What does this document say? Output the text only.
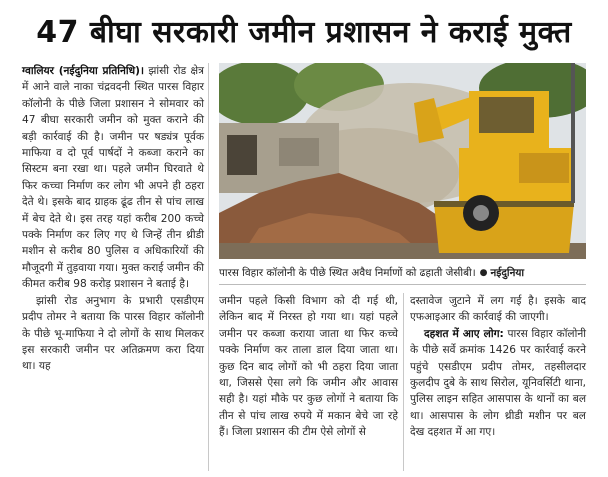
47 बीघा सरकारी जमीन प्रशासन ने कराई मुक्त

ग्वालियर (नईदुनिया प्रतिनिधि)। झांसी रोड क्षेत्र में आने वाले नाका चंद्रवदनी स्थित पारस विहार कॉलोनी के पीछे जिला प्रशासन ने सोमवार को 47 बीघा सरकारी जमीन को मुक्त कराने की बड़ी कार्रवाई की है। जमीन पर षड्यंत्र पूर्वक माफिया व दो पूर्व पार्षदों ने कब्जा कराने का सिस्टम बना रखा था। पहले जमीन घिरवाते थे फिर कच्चा निर्माण कर लोग भी अपने ही ठहरा देते थे। इसके बाद ग्राहक ढूंढ तीन से पांच लाख में बेच देते थे। इस तरह यहां करीब 200 कच्चे पक्के निर्माण कर लिए गए थे जिन्हें तीन थ्रीडी मशीन से करीब 80 पुलिस व अधिकारियों की मौजूदगी में तुड़वाया गया। मुक्त कराई जमीन की कीमत करीब 98 करोड़ प्रशासन ने बताई है।

झांसी रोड अनुभाग के प्रभारी एसडीएम प्रदीप तोमर ने बताया कि पारस विहार कॉलोनी के पीछे भू-माफिया ने दो लोगों के साथ मिलकर इस सरकारी जमीन पर अतिक्रमण करा दिया था। यह

पारस विहार कॉलोनी के पीछे स्थित अवैध निर्माणों को ढहाती जेसीबी। ● नईदुनिया

जमीन पहले किसी विभाग को दी गई थी, लेकिन बाद में निरस्त हो गया था। यहां पहले जमीन पर कब्जा कराया जाता था फिर कच्चे पक्के निर्माण कर ताला डाल दिया जाता था। कुछ दिन बाद लोगों को भी ठहरा दिया जाता था, जिससे ऐसा लगे कि जमीन और आवास सही है। यहां मौके पर कुछ लोगों ने बताया कि तीन से पांच लाख रुपये में मकान बेचे जा रहे हैं। जिला प्रशासन की टीम ऐसे लोगों से

दस्तावेज जुटाने में लग गई है। इसके बाद एफआइआर की कार्रवाई की जाएगी।

दहशत में आए लोग: पारस विहार कॉलोनी के पीछे सर्वे क्रमांक 1426 पर कार्रवाई करने पहुंचे एसडीएम प्रदीप तोमर, तहसीलदार कुलदीप दुबे के साथ सिरोल, यूनिवर्सिटी थाना, पुलिस लाइन सहित आसपास के थानों का बल था। आसपास के लोग थ्रीडी मशीन पर बल देख दहशत में आ गए।
